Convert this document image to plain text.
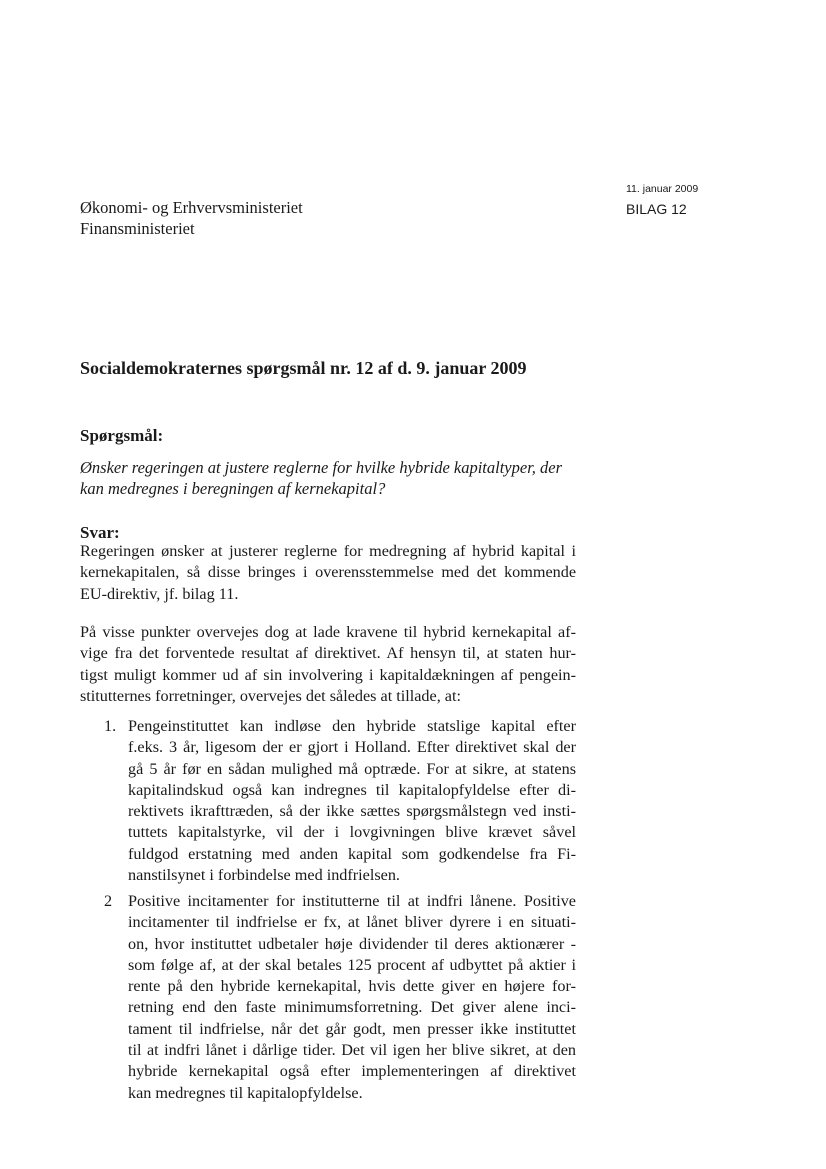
11. januar 2009
BILAG 12
Økonomi- og Erhvervsministeriet
Finansministeriet
Socialdemokraternes spørgsmål nr. 12 af d. 9. januar 2009
Spørgsmål:
Ønsker regeringen at justere reglerne for hvilke hybride kapitaltyper, der
kan medregnes i beregningen af kernekapital?
Svar:
Regeringen ønsker at justerer reglerne for medregning af hybrid kapital i
kernekapitalen, så disse bringes i overensstemmelse med det kommende
EU-direktiv, jf. bilag 11.
På visse punkter overvejes dog at lade kravene til hybrid kernekapital af-
vige fra det forventede resultat af direktivet. Af hensyn til, at staten hur-
tigst muligt kommer ud af sin involvering i kapitaldækningen af pengein-
stitutternes forretninger, overvejes det således at tillade, at:
1. Pengeinstituttet kan indløse den hybride statslige kapital efter
f.eks. 3 år, ligesom der er gjort i Holland. Efter direktivet skal der
gå 5 år før en sådan mulighed må optræde. For at sikre, at statens
kapitalindskud også kan indregnes til kapitalopfyldelse efter di-
rektivets ikrafttræden, så der ikke sættes spørgsmålstegn ved insti-
tuttets kapitalstyrke, vil der i lovgivningen blive krævet såvel
fuldgod erstatning med anden kapital som godkendelse fra Fi-
nanstilsynet i forbindelse med indfrielsen.
2 Positive incitamenter for institutterne til at indfri lånene. Positive
incitamenter til indfrielse er fx, at lånet bliver dyrere i en situati-
on, hvor instituttet udbetaler høje dividender til deres aktionærer -
som følge af, at der skal betales 125 procent af udbyttet på aktier i
rente på den hybride kernekapital, hvis dette giver en højere for-
retning end den faste minimumsforretning. Det giver alene inci-
tament til indfrielse, når det går godt, men presser ikke instituttet
til at indfri lånet i dårlige tider. Det vil igen her blive sikret, at den
hybride kernekapital også efter implementeringen af direktivet
kan medregnes til kapitalopfyldelse.
